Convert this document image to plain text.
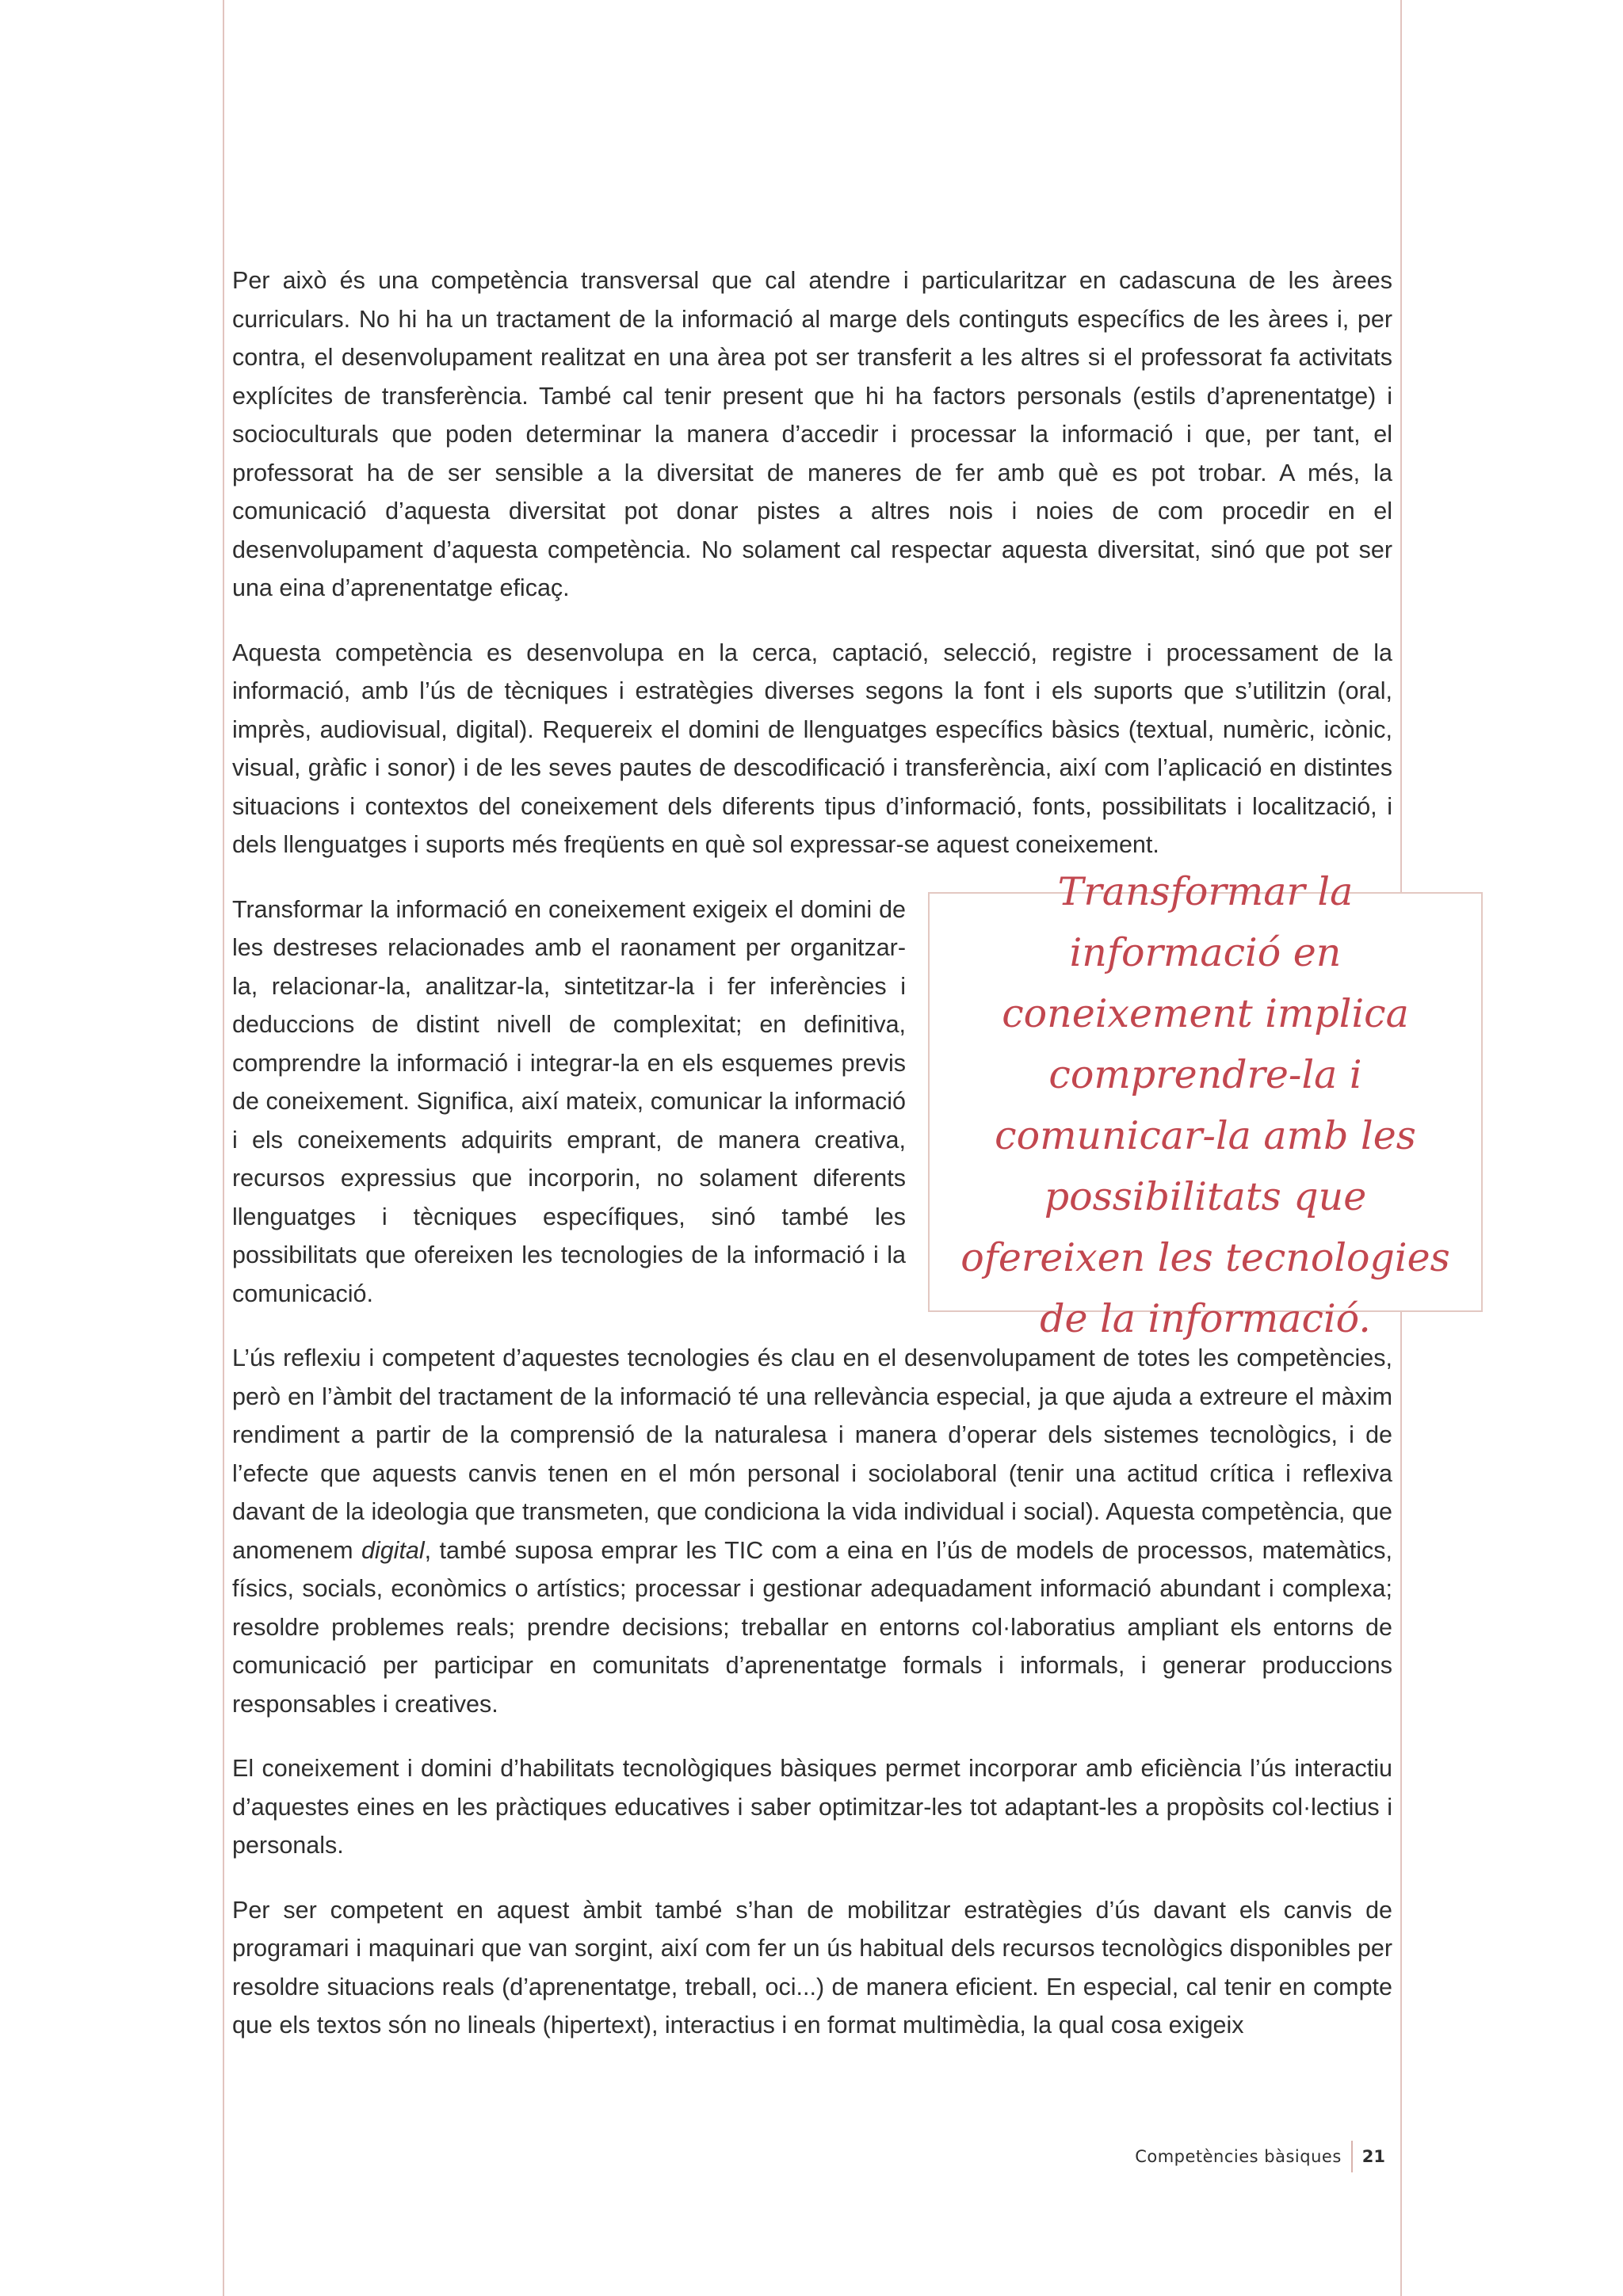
Per això és una competència transversal que cal atendre i particularitzar en cadascuna de les àrees curriculars. No hi ha un tractament de la informació al marge dels continguts específics de les àrees i, per contra, el desenvolupament realitzat en una àrea pot ser transferit a les altres si el professorat fa activitats explícites de transferència. També cal tenir present que hi ha factors personals (estils d’aprenentatge) i socioculturals que poden determinar la manera d’accedir i processar la informació i que, per tant, el professorat ha de ser sensible a la diversitat de maneres de fer amb què es pot trobar. A més, la comunicació d’aquesta diversitat pot donar pistes a altres nois i noies de com procedir en el desenvolupament d’aquesta competència. No solament cal respectar aquesta diversitat, sinó que pot ser una eina d’aprenentatge eficaç.

Aquesta competència es desenvolupa en la cerca, captació, selecció, registre i processament de la informació, amb l’ús de tècniques i estratègies diverses segons la font i els suports que s’utilitzin (oral, imprès, audiovisual, digital). Requereix el domini de llenguatges específics bàsics (textual, numèric, icònic, visual, gràfic i sonor) i de les seves pautes de descodificació i transferència, així com l’aplicació en distintes situacions i contextos del coneixement dels diferents tipus d’informació, fonts, possibilitats i localització, i dels llenguatges i suports més freqüents en què sol expressar-se aquest coneixement.

Transformar la informació en coneixement implica comprendre-la i comunicar-la amb les possibilitats que ofereixen les tecnologies de la informació.
Transformar la informació en coneixement exigeix el domini de les destreses relacionades amb el raonament per organitzar-la, relacionar-la, analitzar-la, sintetitzar-la i fer inferències i deduccions de distint nivell de complexitat; en definitiva, comprendre la informació i integrar-la en els esquemes previs de coneixement. Significa, així mateix, comunicar la informació i els coneixements adquirits emprant, de manera creativa, recursos expressius que incorporin, no solament diferents llenguatges i tècniques específiques, sinó també les possibilitats que ofereixen les tecnologies de la informació i la comunicació.

L’ús reflexiu i competent d’aquestes tecnologies és clau en el desenvolupament de totes les competències, però en l’àmbit del tractament de la informació té una rellevància especial, ja que ajuda a extreure el màxim rendiment a partir de la comprensió de la naturalesa i manera d’operar dels sistemes tecnològics, i de l’efecte que aquests canvis tenen en el món personal i sociolaboral (tenir una actitud crítica i reflexiva davant de la ideologia que transmeten, que condiciona la vida individual i social). Aquesta competència, que anomenem digital, també suposa emprar les TIC com a eina en l’ús de models de processos, matemàtics, físics, socials, econòmics o artístics; processar i gestionar adequadament informació abundant i complexa; resoldre problemes reals; prendre decisions; treballar en entorns col·laboratius ampliant els entorns de comunicació per participar en comunitats d’aprenentatge formals i informals, i generar produccions responsables i creatives.

El coneixement i domini d’habilitats tecnològiques bàsiques permet incorporar amb eficiència l’ús interactiu d’aquestes eines en les pràctiques educatives i saber optimitzar-les tot adaptant-les a propòsits col·lectius i personals.

Per ser competent en aquest àmbit també s’han de mobilitzar estratègies d’ús davant els canvis de programari i maquinari que van sorgint, així com fer un ús habitual dels recursos tecnològics disponibles per resoldre situacions reals (d’aprenentatge, treball, oci...) de manera eficient. En especial, cal tenir en compte que els textos són no lineals (hipertext), interactius i en format multimèdia, la qual cosa exigeix

Competències bàsiques 21
